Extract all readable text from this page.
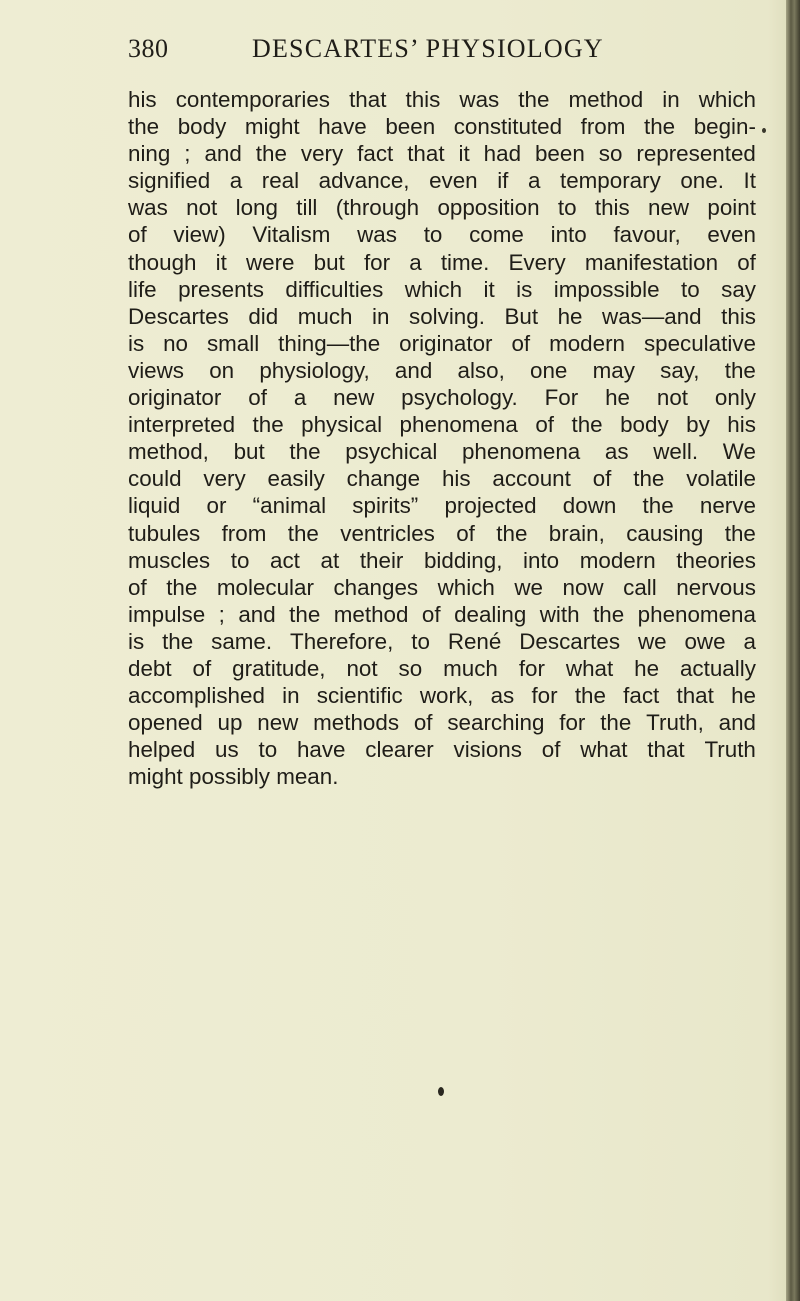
380	DESCARTES’ PHYSIOLOGY
his contemporaries that this was the method in which
the body might have been constituted from the begin-
ning ; and the very fact that it had been so represented
signified a real advance, even if a temporary one. It
was not long till (through opposition to this new point
of view) Vitalism was to come into favour, even
though it were but for a time. Every manifestation of
life presents difficulties which it is impossible to say
Descartes did much in solving. But he was—and this
is no small thing—the originator of modern speculative
views on physiology, and also, one may say, the
originator of a new psychology. For he not only
interpreted the physical phenomena of the body by his
method, but the psychical phenomena as well. We
could very easily change his account of the volatile
liquid or “animal spirits” projected down the nerve
tubules from the ventricles of the brain, causing the
muscles to act at their bidding, into modern theories
of the molecular changes which we now call nervous
impulse ; and the method of dealing with the phenomena
is the same. Therefore, to René Descartes we owe a
debt of gratitude, not so much for what he actually
accomplished in scientific work, as for the fact that he
opened up new methods of searching for the Truth, and
helped us to have clearer visions of what that Truth
might possibly mean.
